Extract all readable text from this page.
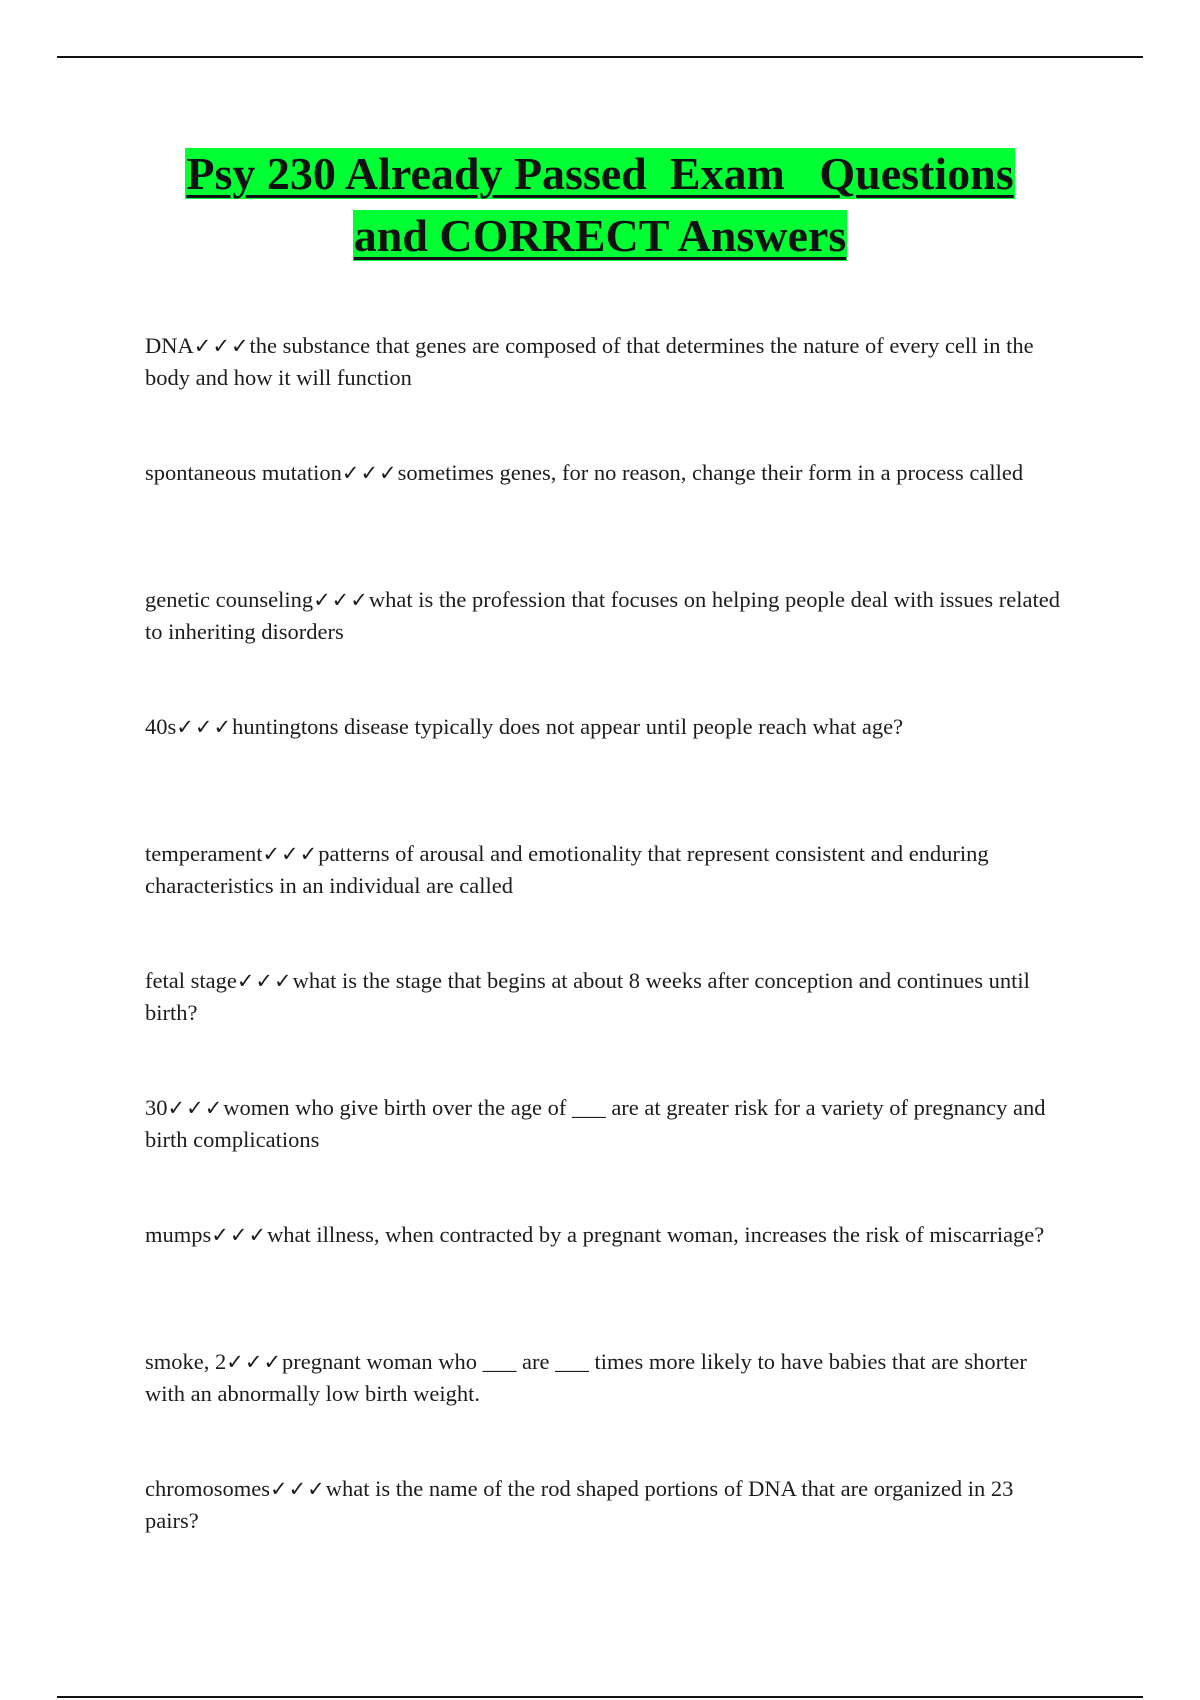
Psy 230 Already Passed  Exam   Questions
and CORRECT Answers
DNA✓✓✓the substance that genes are composed of that determines the nature of every cell in the body and how it will function
spontaneous mutation✓✓✓sometimes genes, for no reason, change their form in a process called
genetic counseling✓✓✓what is the profession that focuses on helping people deal with issues related to inheriting disorders
40s✓✓✓huntingtons disease typically does not appear until people reach what age?
temperament✓✓✓patterns of arousal and emotionality that represent consistent and enduring characteristics in an individual are called
fetal stage✓✓✓what is the stage that begins at about 8 weeks after conception and continues until birth?
30✓✓✓women who give birth over the age of ___ are at greater risk for a variety of pregnancy and birth complications
mumps✓✓✓what illness, when contracted by a pregnant woman, increases the risk of miscarriage?
smoke, 2✓✓✓pregnant woman who ___ are ___ times more likely to have babies that are shorter with an abnormally low birth weight.
chromosomes✓✓✓what is the name of the rod shaped portions of DNA that are organized in 23 pairs?
